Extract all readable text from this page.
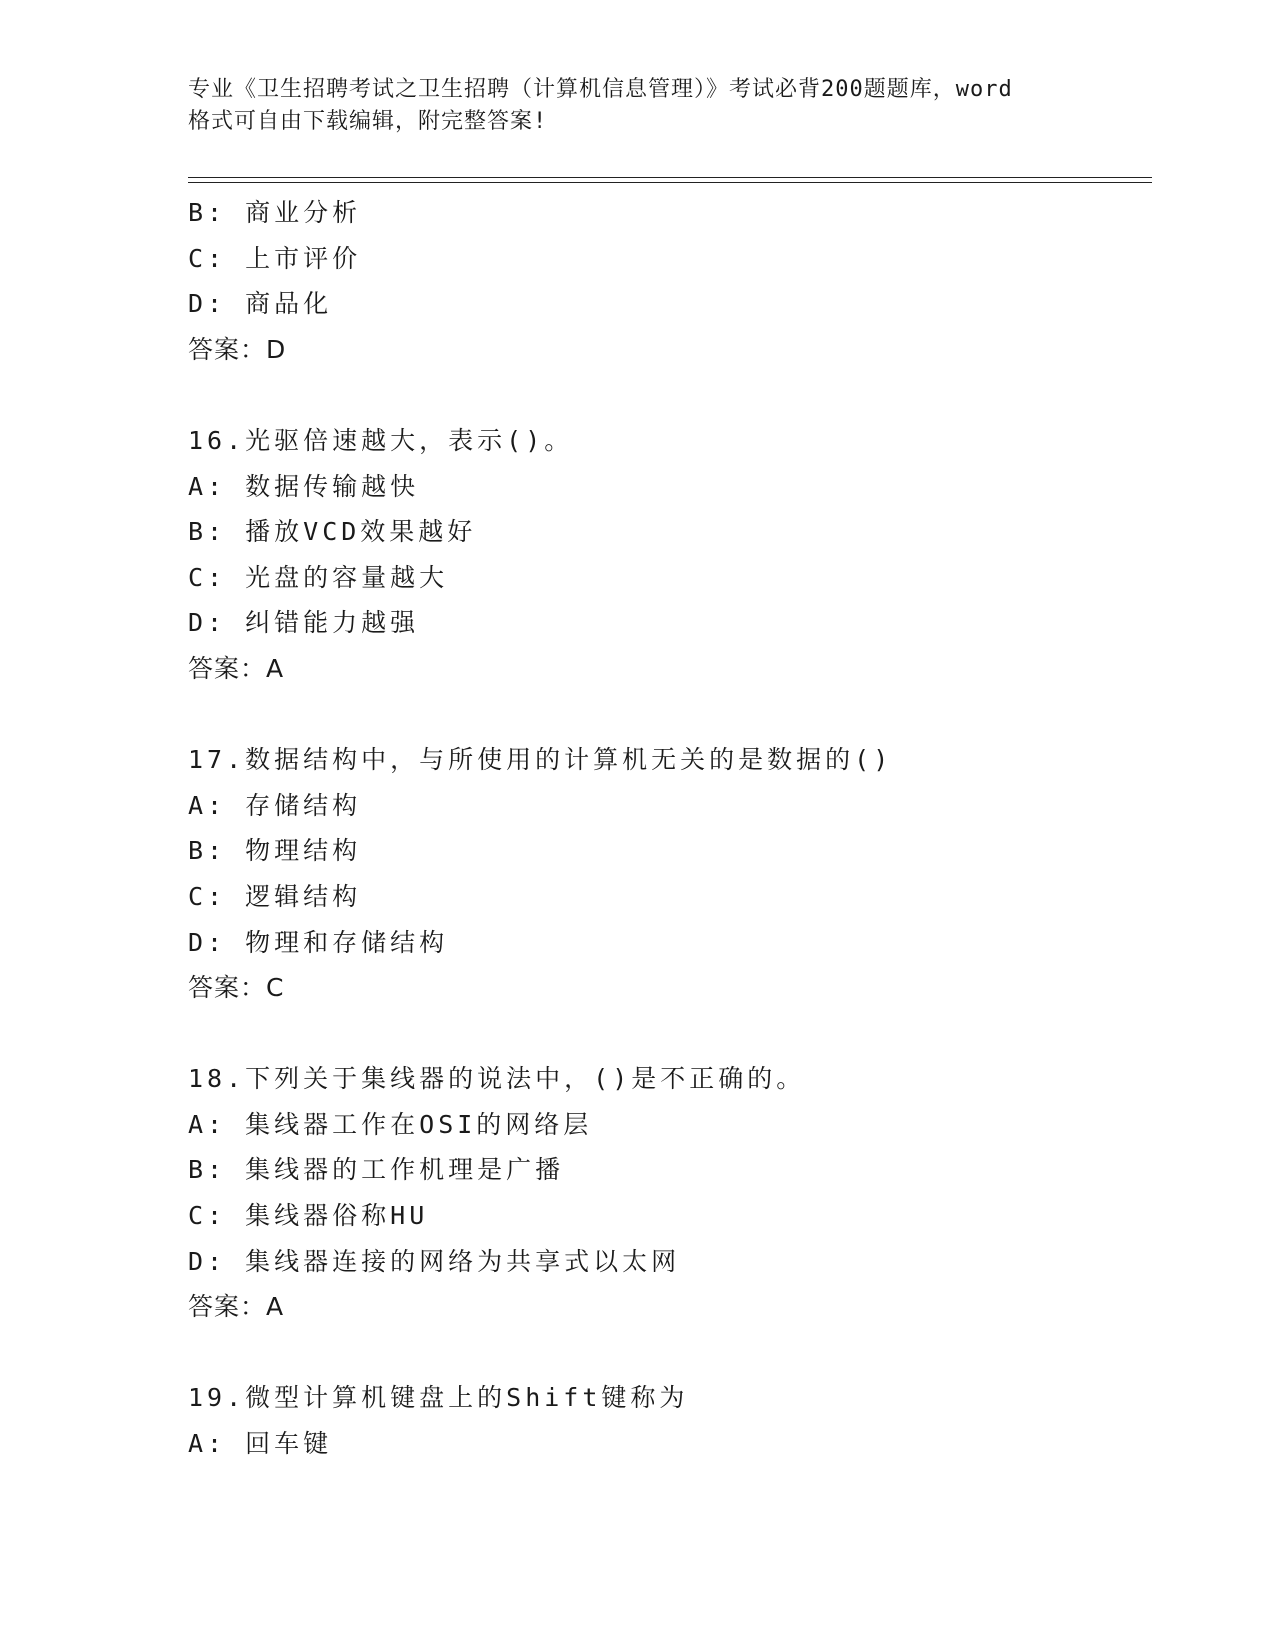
专业《卫生招聘考试之卫生招聘（计算机信息管理）》考试必背200题题库，word
格式可自由下载编辑，附完整答案!
B: 商业分析
C: 上市评价
D: 商品化
答案：D
16.光驱倍速越大，表示()。
A: 数据传输越快
B: 播放VCD效果越好
C: 光盘的容量越大
D: 纠错能力越强
答案：A
17.数据结构中，与所使用的计算机无关的是数据的()
A: 存储结构
B: 物理结构
C: 逻辑结构
D: 物理和存储结构
答案：C
18.下列关于集线器的说法中，()是不正确的。
A: 集线器工作在OSI的网络层
B: 集线器的工作机理是广播
C: 集线器俗称HU
D: 集线器连接的网络为共享式以太网
答案：A
19.微型计算机键盘上的Shift键称为
A: 回车键
